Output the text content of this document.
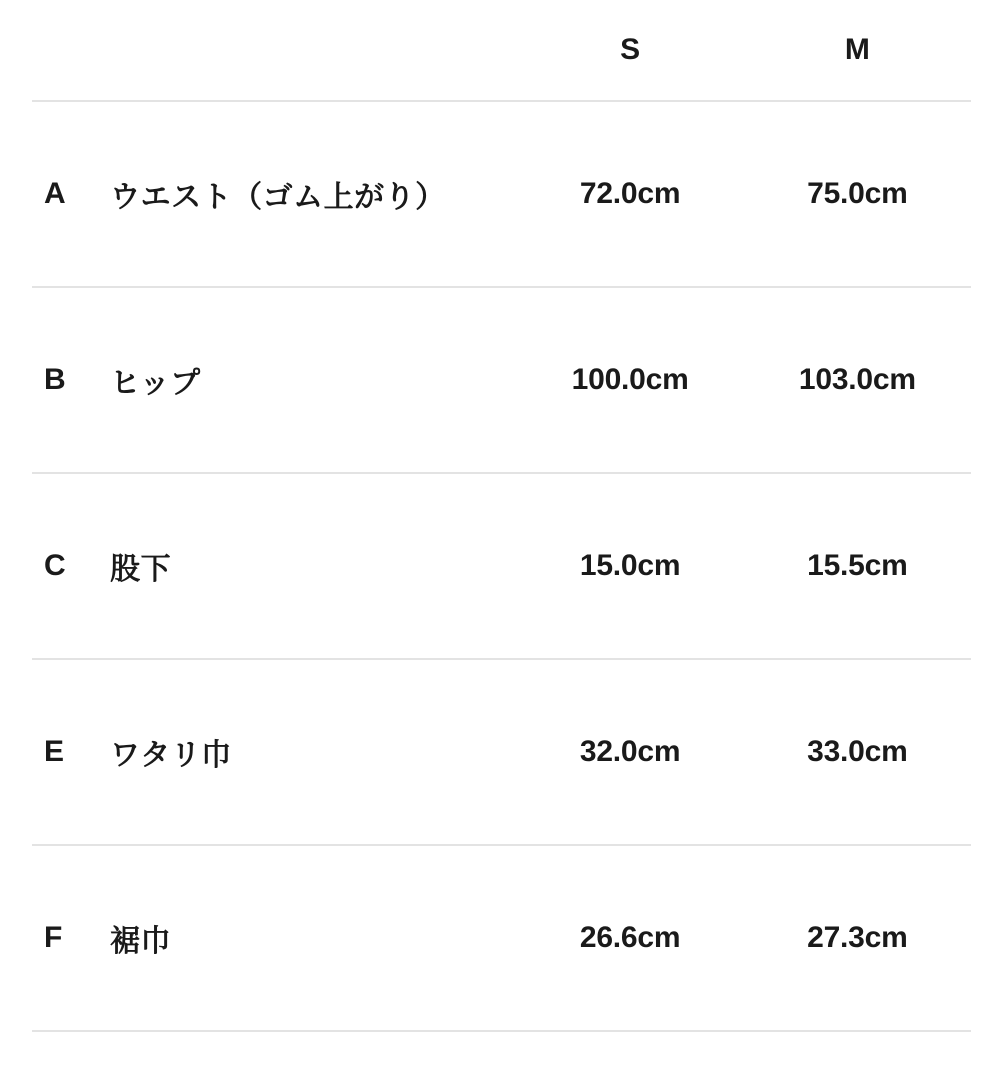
		S	M
A	ウエスト（ゴム上がり）	72.0cm	75.0cm
B	ヒップ	100.0cm	103.0cm
C	股下	15.0cm	15.5cm
E	ワタリ巾	32.0cm	33.0cm
F	裾巾	26.6cm	27.3cm
